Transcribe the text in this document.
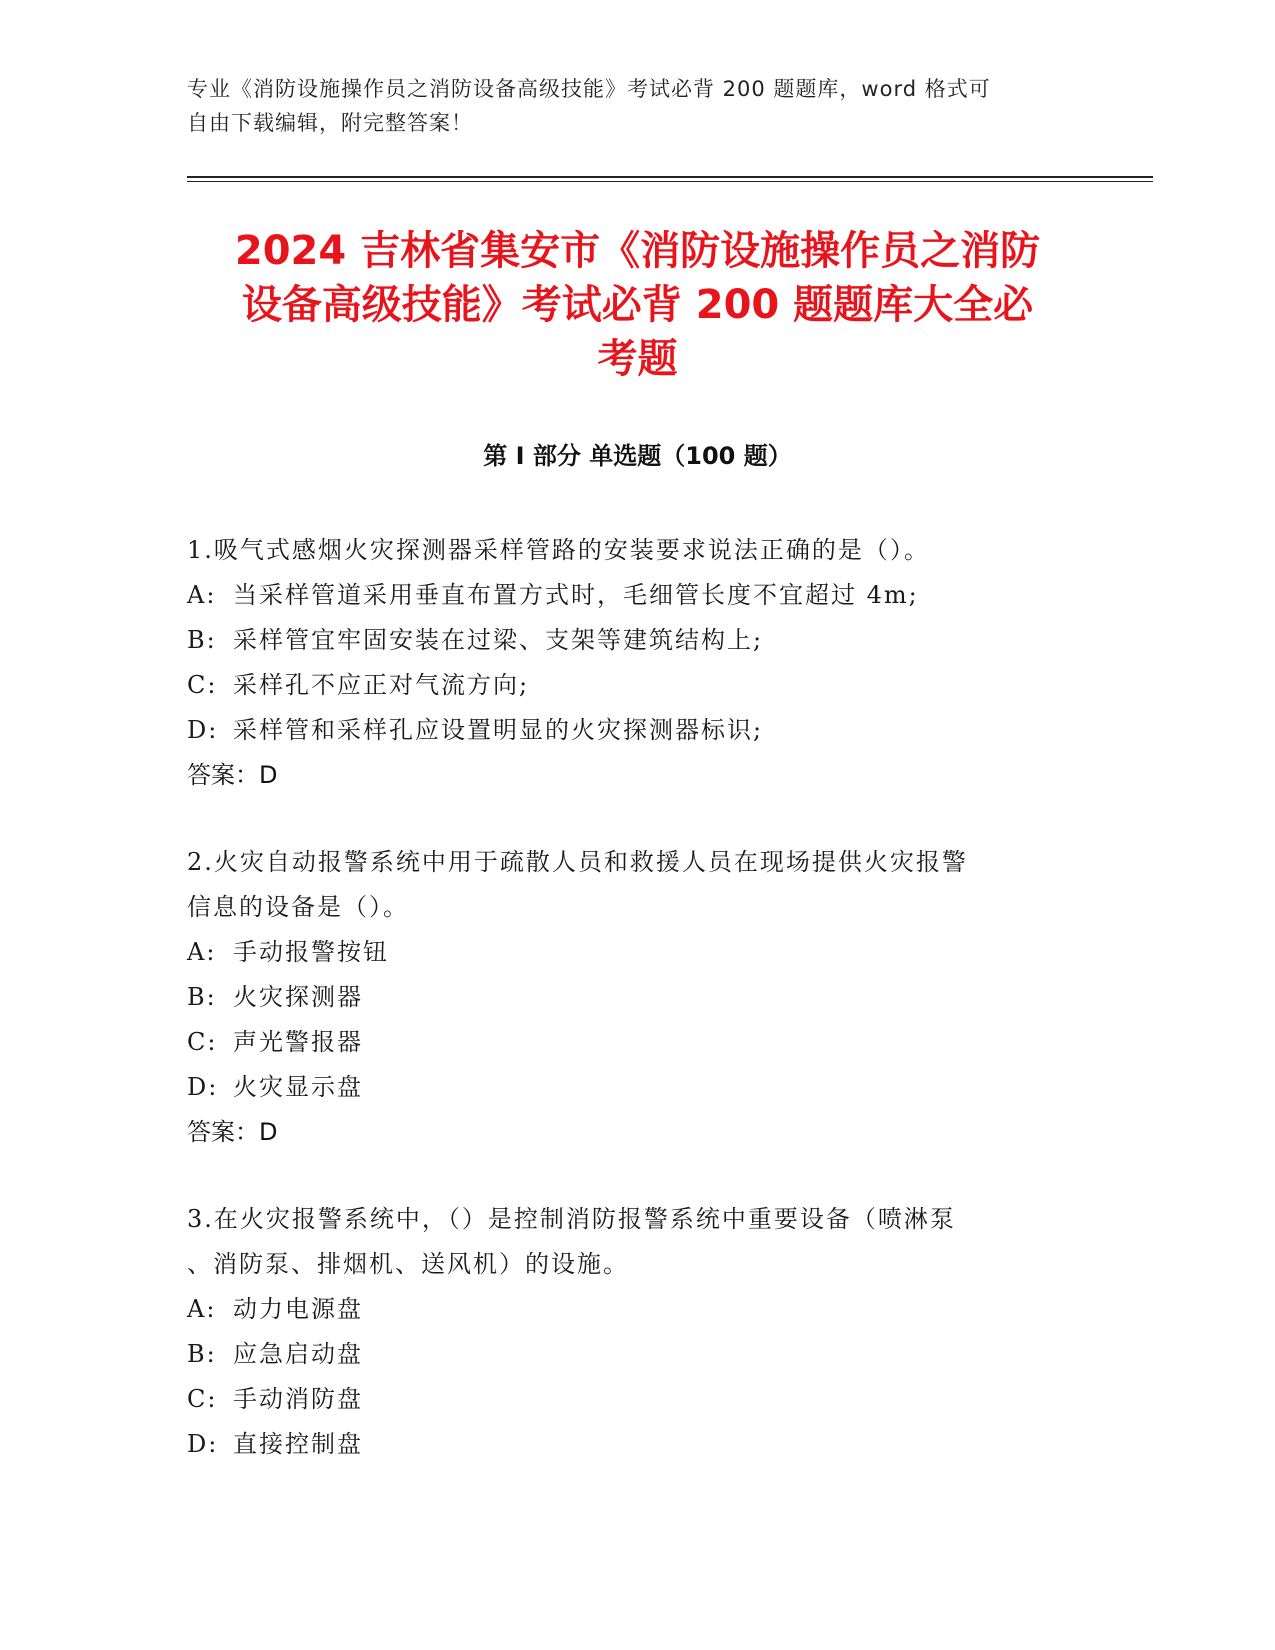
专业《消防设施操作员之消防设备高级技能》考试必背 200 题题库，word 格式可
自由下载编辑，附完整答案！
2024 吉林省集安市《消防设施操作员之消防
设备高级技能》考试必背 200 题题库大全必
考题
第 I 部分 单选题（100 题）
1.吸气式感烟火灾探测器采样管路的安装要求说法正确的是（）。
A: 当采样管道采用垂直布置方式时，毛细管长度不宜超过 4m;
B: 采样管宜牢固安装在过梁、支架等建筑结构上;
C: 采样孔不应正对气流方向;
D: 采样管和采样孔应设置明显的火灾探测器标识;
答案：D
2.火灾自动报警系统中用于疏散人员和救援人员在现场提供火灾报警
信息的设备是（）。
A: 手动报警按钮
B: 火灾探测器
C: 声光警报器
D: 火灾显示盘
答案：D
3.在火灾报警系统中，（）是控制消防报警系统中重要设备（喷淋泵
、消防泵、排烟机、送风机）的设施。
A: 动力电源盘
B: 应急启动盘
C: 手动消防盘
D: 直接控制盘
